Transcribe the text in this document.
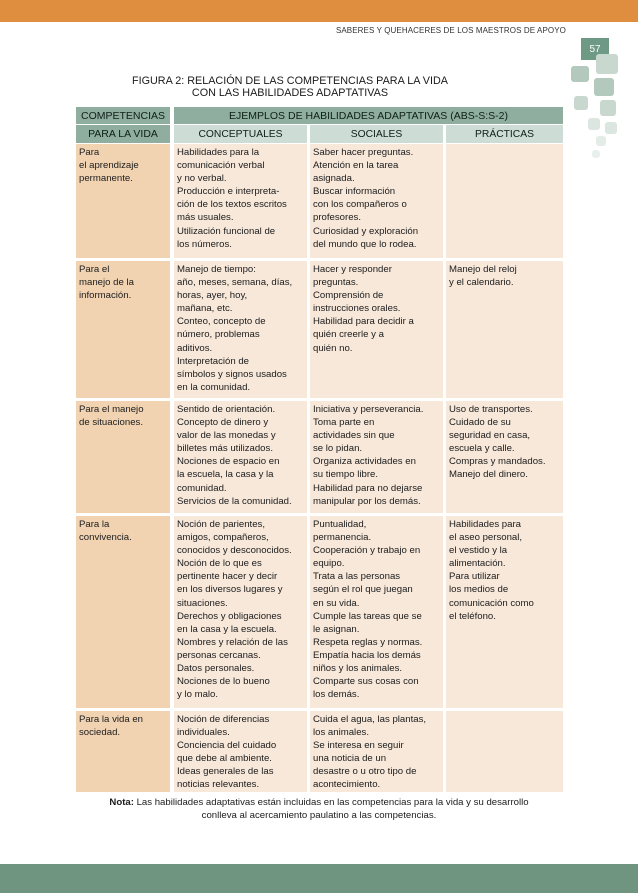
SABERES Y QUEHACERES DE LOS MAESTROS DE APOYO
57
FIGURA 2: RELACIÓN DE LAS COMPETENCIAS PARA LA VIDA
CON LAS HABILIDADES ADAPTATIVAS
COMPETENCIAS
PARA LA VIDA
EJEMPLOS DE HABILIDADES ADAPTATIVAS (ABS-S:S-2)
CONCEPTUALES	SOCIALES	PRÁCTICAS
Para
el aprendizaje
permanente.
Habilidades para la
comunicación verbal
y no verbal.
Producción e interpreta-
ción de los textos escritos
más usuales.
Utilización funcional de
los números.
Saber hacer preguntas.
Atención en la tarea
asignada.
Buscar información
con los compañeros o
profesores.
Curiosidad y exploración
del mundo que lo rodea.
Para el
manejo de la
información.
Manejo de tiempo:
año, meses, semana, días,
horas, ayer, hoy,
mañana, etc.
Conteo, concepto de
número, problemas
aditivos.
Interpretación de
símbolos y signos usados
en la comunidad.
Hacer y responder
preguntas.
Comprensión de
instrucciones orales.
Habilidad para decidir a
quién creerle y a
quién no.
Manejo del reloj
y el calendario.
Para el manejo
de situaciones.
Sentido de orientación.
Concepto de dinero y
valor de las monedas y
billetes más utilizados.
Nociones de espacio en
la escuela, la casa y la
comunidad.
Servicios de la comunidad.
Iniciativa y perseverancia.
Toma parte en
actividades sin que
se lo pidan.
Organiza actividades en
su tiempo libre.
Habilidad para no dejarse
manipular por los demás.
Uso de transportes.
Cuidado de su
seguridad en casa,
escuela y calle.
Compras y mandados.
Manejo del dinero.
Para la
convivencia.
Noción de parientes,
amigos, compañeros,
conocidos y desconocidos.
Noción de lo que es
pertinente hacer y decir
en los diversos lugares y
situaciones.
Derechos y obligaciones
en la casa y la escuela.
Nombres y relación de las
personas cercanas.
Datos personales.
Nociones de lo bueno
y lo malo.
Puntualidad,
permanencia.
Cooperación y trabajo en
equipo.
Trata a las personas
según el rol que juegan
en su vida.
Cumple las tareas que se
le asignan.
Respeta reglas y normas.
Empatía hacia los demás
niños y los animales.
Comparte sus cosas con
los demás.
Habilidades para
el aseo personal,
el vestido y la
alimentación.
Para utilizar
los medios de
comunicación como
el teléfono.
Para la vida en
sociedad.
Noción de diferencias
individuales.
Conciencia del cuidado
que debe al ambiente.
Ideas generales de las
noticias relevantes.
Cuida el agua, las plantas,
los animales.
Se interesa en seguir
una noticia de un
desastre o u otro tipo de
acontecimiento.
Nota: Las habilidades adaptativas están incluidas en las competencias para la vida y su desarrollo
conlleva al acercamiento paulatino a las competencias.
